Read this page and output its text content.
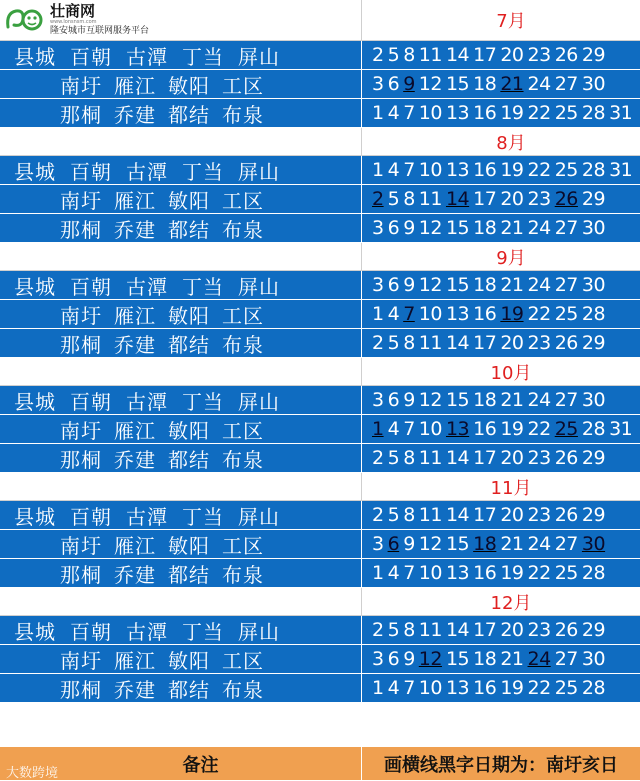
壮商网
www.lonsnsm.com
隆安城市互联网服务平台	7月
县城 百朝 古潭 丁当 屏山	2 5 8 11 14 17 20 23 26 29
南圩 雁江 敏阳 工区	3 6 9 12 15 18 21 24 27 30
那桐 乔建 都结 布泉	1 4 7 10 13 16 19 22 25 28 31
8月
县城 百朝 古潭 丁当 屏山	1 4 7 10 13 16 19 22 25 28 31
南圩 雁江 敏阳 工区	2 5 8 11 14 17 20 23 26 29
那桐 乔建 都结 布泉	3 6 9 12 15 18 21 24 27 30
9月
县城 百朝 古潭 丁当 屏山	3 6 9 12 15 18 21 24 27 30
南圩 雁江 敏阳 工区	1 4 7 10 13 16 19 22 25 28
那桐 乔建 都结 布泉	2 5 8 11 14 17 20 23 26 29
10月
县城 百朝 古潭 丁当 屏山	3 6 9 12 15 18 21 24 27 30
南圩 雁江 敏阳 工区	1 4 7 10 13 16 19 22 25 28 31
那桐 乔建 都结 布泉	2 5 8 11 14 17 20 23 26 29
11月
县城 百朝 古潭 丁当 屏山	2 5 8 11 14 17 20 23 26 29
南圩 雁江 敏阳 工区	3 6 9 12 15 18 21 24 27 30
那桐 乔建 都结 布泉	1 4 7 10 13 16 19 22 25 28
12月
县城 百朝 古潭 丁当 屏山	2 5 8 11 14 17 20 23 26 29
南圩 雁江 敏阳 工区	3 6 9 12 15 18 21 24 27 30
那桐 乔建 都结 布泉	1 4 7 10 13 16 19 22 25 28
备注	画横线黑字日期为：南圩亥日
大数跨境
